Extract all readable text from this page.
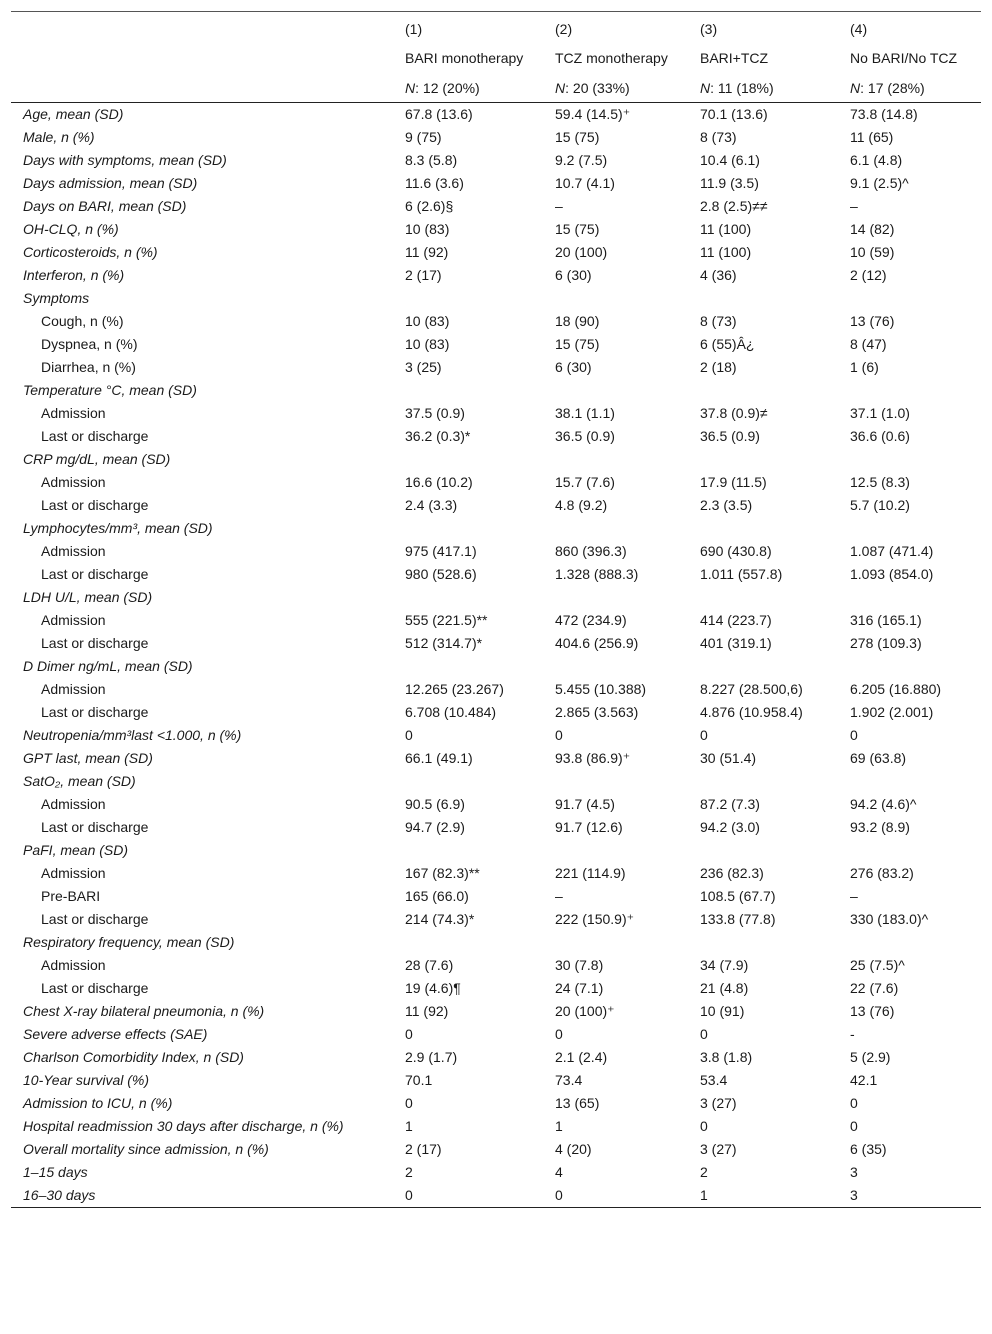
	(1)	(2)	(3)	(4)
	BARI monotherapy	TCZ monotherapy	BARI+TCZ	No BARI/No TCZ
	N: 12 (20%)	N: 20 (33%)	N: 11 (18%)	N: 17 (28%)
Age, mean (SD)	67.8 (13.6)	59.4 (14.5)⁺	70.1 (13.6)	73.8 (14.8)
Male, n (%)	9 (75)	15 (75)	8 (73)	11 (65)
Days with symptoms, mean (SD)	8.3 (5.8)	9.2 (7.5)	10.4 (6.1)	6.1 (4.8)
Days admission, mean (SD)	11.6 (3.6)	10.7 (4.1)	11.9 (3.5)	9.1 (2.5)^
Days on BARI, mean (SD)	6 (2.6)§	–	2.8 (2.5)≠≠	–
OH-CLQ, n (%)	10 (83)	15 (75)	11 (100)	14 (82)
Corticosteroids, n (%)	11 (92)	20 (100)	11 (100)	10 (59)
Interferon, n (%)	2 (17)	6 (30)	4 (36)	2 (12)
Symptoms				
Cough, n (%)	10 (83)	18 (90)	8 (73)	13 (76)
Dyspnea, n (%)	10 (83)	15 (75)	6 (55)Â¿	8 (47)
Diarrhea, n (%)	3 (25)	6 (30)	2 (18)	1 (6)
Temperature °C, mean (SD)				
Admission	37.5 (0.9)	38.1 (1.1)	37.8 (0.9)≠	37.1 (1.0)
Last or discharge	36.2 (0.3)*	36.5 (0.9)	36.5 (0.9)	36.6 (0.6)
CRP mg/dL, mean (SD)				
Admission	16.6 (10.2)	15.7 (7.6)	17.9 (11.5)	12.5 (8.3)
Last or discharge	2.4 (3.3)	4.8 (9.2)	2.3 (3.5)	5.7 (10.2)
Lymphocytes/mm³, mean (SD)				
Admission	975 (417.1)	860 (396.3)	690 (430.8)	1.087 (471.4)
Last or discharge	980 (528.6)	1.328 (888.3)	1.011 (557.8)	1.093 (854.0)
LDH U/L, mean (SD)				
Admission	555 (221.5)**	472 (234.9)	414 (223.7)	316 (165.1)
Last or discharge	512 (314.7)*	404.6 (256.9)	401 (319.1)	278 (109.3)
D Dimer ng/mL, mean (SD)				
Admission	12.265 (23.267)	5.455 (10.388)	8.227 (28.500,6)	6.205 (16.880)
Last or discharge	6.708 (10.484)	2.865 (3.563)	4.876 (10.958.4)	1.902 (2.001)
Neutropenia/mm³last <1.000, n (%)	0	0	0	0
GPT last, mean (SD)	66.1 (49.1)	93.8 (86.9)⁺	30 (51.4)	69 (63.8)
SatO₂, mean (SD)				
Admission	90.5 (6.9)	91.7 (4.5)	87.2 (7.3)	94.2 (4.6)^
Last or discharge	94.7 (2.9)	91.7 (12.6)	94.2 (3.0)	93.2 (8.9)
PaFI, mean (SD)				
Admission	167 (82.3)**	221 (114.9)	236 (82.3)	276 (83.2)
Pre-BARI	165 (66.0)	–	108.5 (67.7)	–
Last or discharge	214 (74.3)*	222 (150.9)⁺	133.8 (77.8)	330 (183.0)^
Respiratory frequency, mean (SD)				
Admission	28 (7.6)	30 (7.8)	34 (7.9)	25 (7.5)^
Last or discharge	19 (4.6)¶	24 (7.1)	21 (4.8)	22 (7.6)
Chest X-ray bilateral pneumonia, n (%)	11 (92)	20 (100)⁺	10 (91)	13 (76)
Severe adverse effects (SAE)	0	0	0	-
Charlson Comorbidity Index, n (SD)	2.9 (1.7)	2.1 (2.4)	3.8 (1.8)	5 (2.9)
10-Year survival (%)	70.1	73.4	53.4	42.1
Admission to ICU, n (%)	0	13 (65)	3 (27)	0
Hospital readmission 30 days after discharge, n (%)	1	1	0	0
Overall mortality since admission, n (%)	2 (17)	4 (20)	3 (27)	6 (35)
1–15 days	2	4	2	3
16–30 days	0	0	1	3
